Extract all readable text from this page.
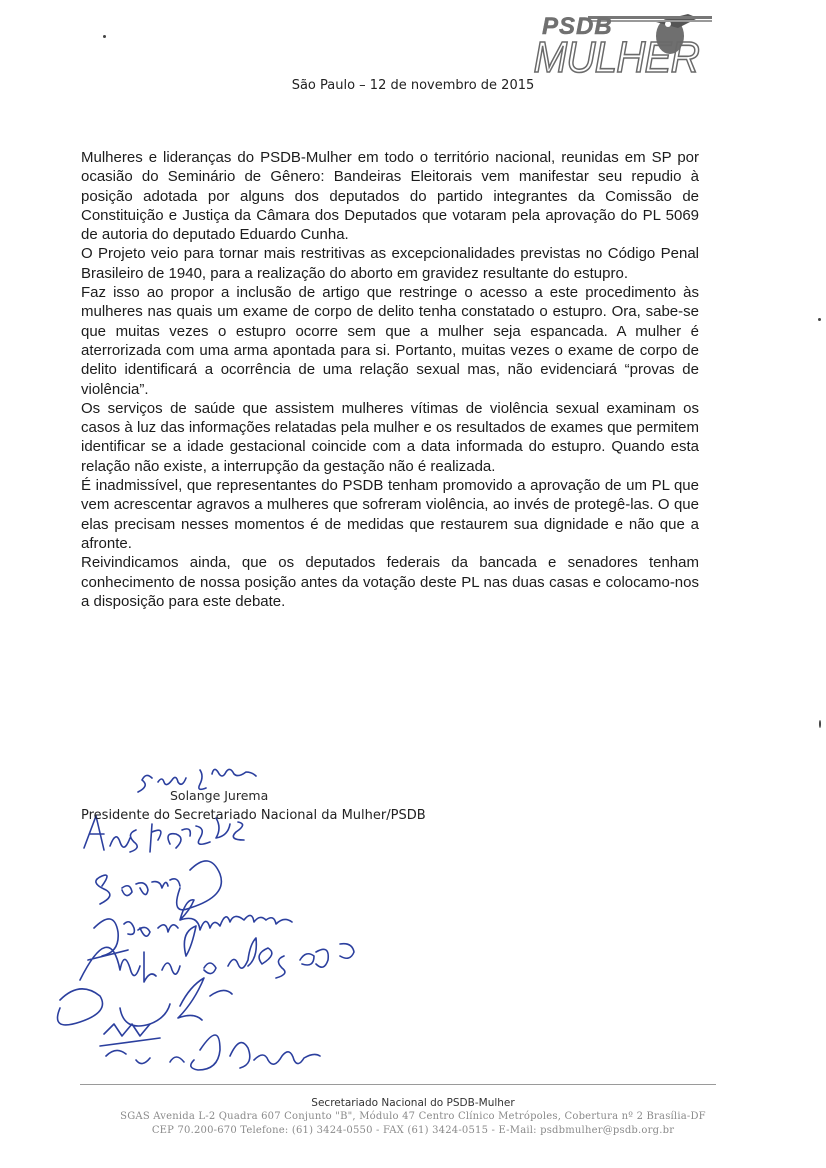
PSDB
MULHER
São Paulo – 12 de novembro de 2015

Mulheres e lideranças do PSDB-Mulher em todo o território nacional, reunidas em SP por ocasião do Seminário de Gênero: Bandeiras Eleitorais vem manifestar seu repudio à posição adotada por alguns dos deputados do partido integrantes da Comissão de Constituição e Justiça da Câmara dos Deputados que votaram pela aprovação do PL 5069 de autoria do deputado Eduardo Cunha.

O Projeto veio para tornar mais restritivas as excepcionalidades previstas no Código Penal Brasileiro de 1940, para a realização do aborto em gravidez resultante do estupro.

Faz isso ao propor a inclusão de artigo que restringe o acesso a este procedimento às mulheres nas quais um exame de corpo de delito tenha constatado o estupro. Ora, sabe-se que muitas vezes o estupro ocorre sem que a mulher seja espancada. A mulher é aterrorizada com uma arma apontada para si. Portanto, muitas vezes o exame de corpo de delito identificará a ocorrência de uma relação sexual mas, não evidenciará “provas de violência”.

Os serviços de saúde que assistem mulheres vítimas de violência sexual examinam os casos à luz das informações relatadas pela mulher e os resultados de exames que permitem identificar se a idade gestacional coincide com a data informada do estupro. Quando esta relação não existe, a interrupção da gestação não é realizada.

É inadmissível, que representantes do PSDB tenham promovido a aprovação de um PL que vem acrescentar agravos a mulheres que sofreram violência, ao invés de protegê-las. O que elas precisam nesses momentos é de medidas que restaurem sua dignidade e não que a afronte.

Reivindicamos ainda, que os deputados federais da bancada e senadores tenham conhecimento de nossa posição antes da votação deste PL nas duas casas e colocamo-nos a disposição para este debate.

Solange Jurema
Presidente do Secretariado Nacional da Mulher/PSDB
Secretariado Nacional do PSDB-Mulher
SGAS Avenida L-2 Quadra 607 Conjunto "B", Módulo 47 Centro Clínico Metrópoles, Cobertura nº 2 Brasília-DF
CEP 70.200-670 Telefone: (61) 3424-0550 - FAX (61) 3424-0515 - E-Mail: psdbmulher@psdb.org.br
